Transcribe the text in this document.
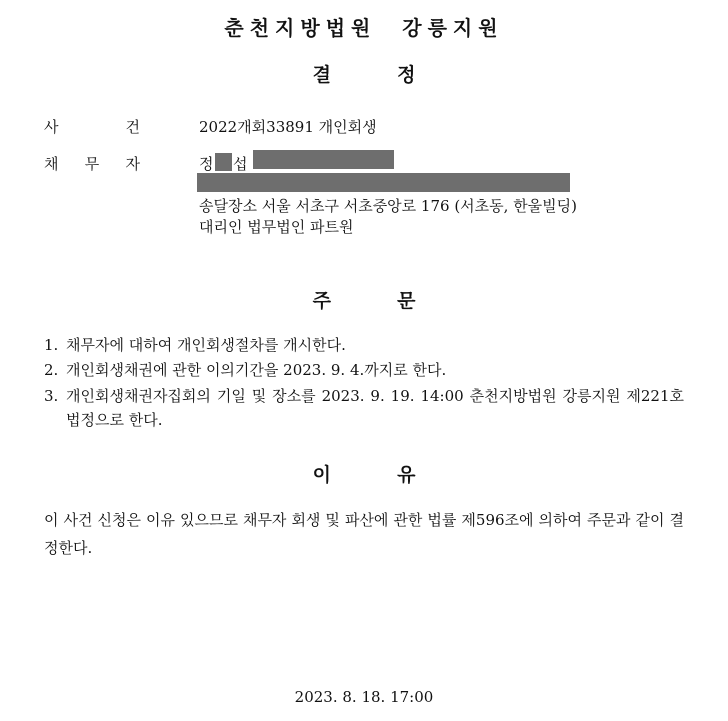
춘천지방법원  강릉지원
결          정
사	건	2022개회33891 개인회생
채 무 자	정 섭
송달장소 서울 서초구 서초중앙로 176 (서초동, 한울빌딩)
대리인 법무법인 파트원
주          문
1. 채무자에 대하여 개인회생절차를 개시한다.
2. 개인회생채권에 관한 이의기간을 2023. 9. 4.까지로 한다.
3. 개인회생채권자집회의 기일 및 장소를 2023. 9. 19. 14:00 춘천지방법원 강릉지원 제221호 법정으로 한다.
이          유
이 사건 신청은 이유 있으므로 채무자 회생 및 파산에 관한 법률 제596조에 의하여 주문과 같이 결정한다.
2023. 8. 18. 17:00
